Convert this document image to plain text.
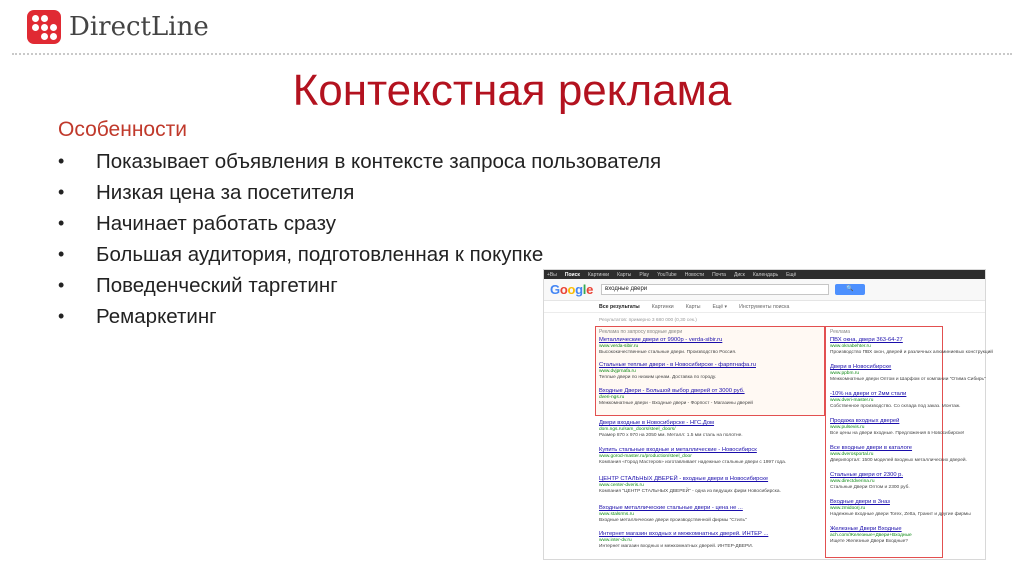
DirectLine
Контекстная реклама
Особенности
•	Показывает объявления в контексте запроса пользователя
•	Низкая цена за посетителя
•	Начинает работать сразу
•	Большая аудитория, подготовленная к покупке
•	Поведенческий таргетинг
•	Ремаркетинг
+Вы Поиск Картинки Карты Play YouTube Новости Почта Диск Календарь Ещё
Google	входные двери	🔍
Все результаты Картинки Карты Ещё ▾ Инструменты поиска
Результатов: примерно 3 680 000 (0,30 сек.)
Реклама по запросу входные двери
Металлические двери от 9900р - verda-sibir.ru
www.verda-sibir.ru
Высококачественные стальные двери. Производство Россия.
Стальные теплые двери - в Новосибирске - фарпгнафа.ru
www.dvjprnafa.ru
Теплые двери по низким ценам. Доставка по городу.
Входные Двери - Большой выбор дверей от 3000 руб.
dveri-ngs.ru
Межкомнатные двери - Входные двери - Форпост - Магазины дверей
Двери входные в Новосибирске - НГС.Дом
dom.ngs.ru/sam_doors/steel_doors/
Размер 870 х 970 на 2050 мм. Металл: 1.5 мм сталь на полотне.
Купить стальные входные и металлические - Новосибирск
www.gorod-master.ru/production/steel_door
Компания «Город Мастеров» изготавливает надежные стальные двери с 1997 года.
ЦЕНТР СТАЛЬНЫХ ДВЕРЕЙ - входные двери в Новосибирске
www.center-dveris.ru
Компания "ЦЕНТР СТАЛЬНЫХ ДВЕРЕЙ" - одна из ведущих фирм Новосибирска.
Входные металлические стальные двери - цена не ...
www.stalsrms.ru
Входные металлические двери производственной фирмы "Стиль"
Интернет магазин входных и межкомнатных дверей. ИНТЕР ...
www.inter-dv.ru
Интернет магазин входных и межкомнатных дверей. ИНТЕР-ДВЕРИ.
Реклама
ПВХ окна, двери 363-64-27
www.oknabehter.ru
Производство ПВХ окон, дверей и различных алюминиевых конструкций
Двери в Новосибирске
www.ppbm.ru
Межкомнатные двери Оптом и Шарфом от компании "Отима Сибирь"
-10% на двери от 2мм стали
www.dveri-master.ru
Собственное производство. Со склада под заказ. Монтаж.
Продажа входных дверей
www.pulsevis.ru
Все цены на двери входные. Предложения в Новосибирске!
Все входные двери в каталоге
www.dverosportal.ru
Дверипортал: 1500 моделей входных металлических дверей.
Стальные двери от 2300 р.
www.directdverina.ru
Стальные Двери Оптом и 2300 руб.
Входные двери в 3наз
www.zmidoorj.ru
Надежные входные двери Torex, Zetta, Гранит и другие фирмы
Железные Двери Входные
ach.com/Железные+Двери+Входные
Ищете Железные Двери Входные?
